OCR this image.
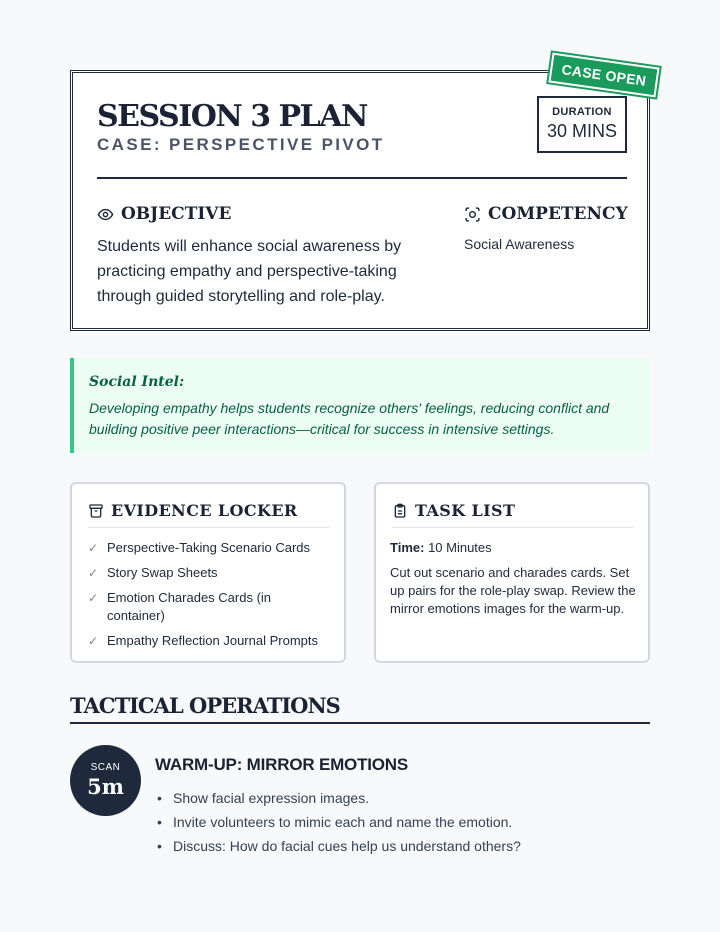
SESSION 3 PLAN
CASE: PERSPECTIVE PIVOT
DURATION
30 MINS
OBJECTIVE
Students will enhance social awareness by practicing empathy and perspective-taking through guided storytelling and role-play.
COMPETENCY
Social Awareness
CASE OPEN
Social Intel:
Developing empathy helps students recognize others' feelings, reducing conflict and building positive peer interactions—critical for success in intensive settings.
EVIDENCE LOCKER
✓ Perspective-Taking Scenario Cards
✓ Story Swap Sheets
✓ Emotion Charades Cards (in container)
✓ Empathy Reflection Journal Prompts
TASK LIST
Time: 10 Minutes
Cut out scenario and charades cards. Set up pairs for the role-play swap. Review the mirror emotions images for the warm-up.
TACTICAL OPERATIONS
SCAN
5m
WARM-UP: MIRROR EMOTIONS
• Show facial expression images.
• Invite volunteers to mimic each and name the emotion.
• Discuss: How do facial cues help us understand others?
